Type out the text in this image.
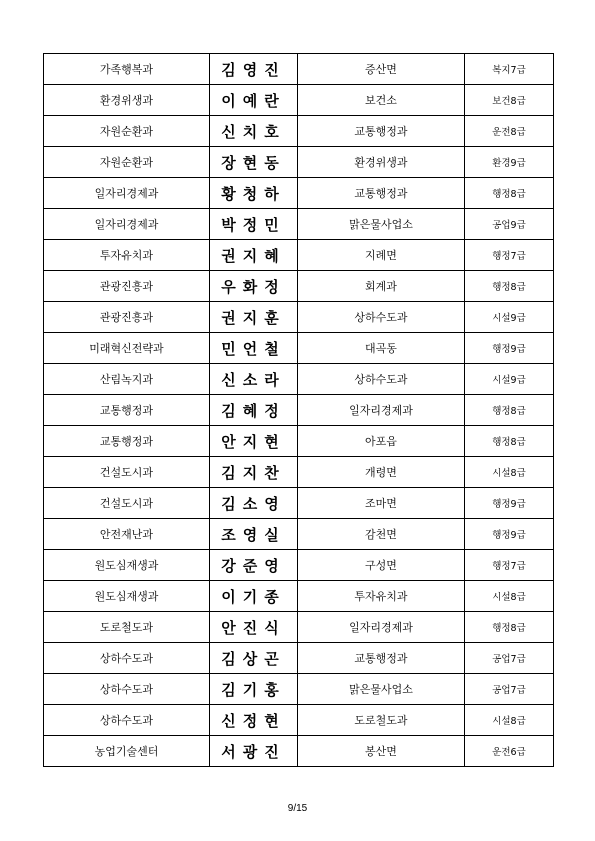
가족행복과	김영진	증산면	복지7급
환경위생과	이예란	보건소	보건8급
자원순환과	신치호	교통행정과	운전8급
자원순환과	장현동	환경위생과	환경9급
일자리경제과	황청하	교통행정과	행정8급
일자리경제과	박정민	맑은물사업소	공업9급
투자유치과	권지혜	지례면	행정7급
관광진흥과	우화정	회계과	행정8급
관광진흥과	권지훈	상하수도과	시설9급
미래혁신전략과	민언철	대곡동	행정9급
산림녹지과	신소라	상하수도과	시설9급
교통행정과	김혜정	일자리경제과	행정8급
교통행정과	안지현	아포읍	행정8급
건설도시과	김지찬	개령면	시설8급
건설도시과	김소영	조마면	행정9급
안전재난과	조영실	감천면	행정9급
원도심재생과	강준영	구성면	행정7급
원도심재생과	이기종	투자유치과	시설8급
도로철도과	안진식	일자리경제과	행정8급
상하수도과	김상곤	교통행정과	공업7급
상하수도과	김기홍	맑은물사업소	공업7급
상하수도과	신정현	도로철도과	시설8급
농업기술센터	서광진	봉산면	운전6급
9/15
